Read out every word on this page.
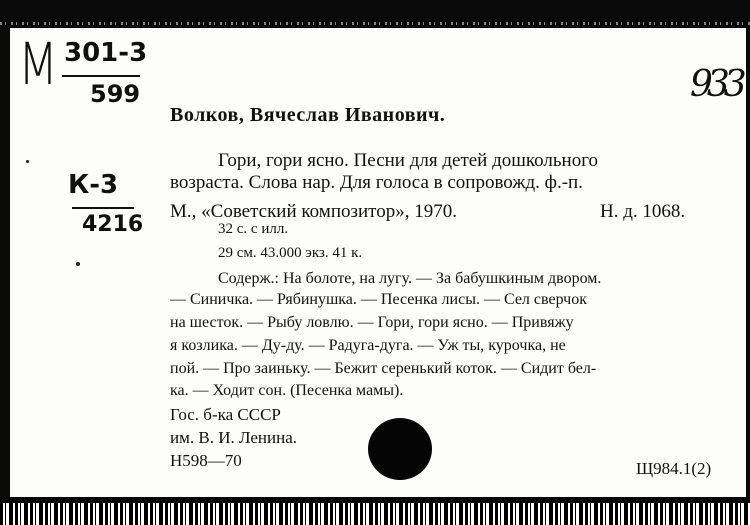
М 301-3
599
К-3
4216
933
Волков, Вячеслав Иванович.
Гори, гори ясно. Песни для детей дошкольного
возраста. Слова нар. Для голоса в сопровожд. ф.-п.
М., «Советский композитор», 1970.	Н. д. 1068.
32 с. с илл.
29 см. 43.000 экз. 41 к.
Содерж.: На болоте, на лугу. — За бабушкиным двором.
— Синичка. — Рябинушка. — Песенка лисы. — Сел сверчок
на шесток. — Рыбу ловлю. — Гори, гори ясно. — Привяжу
я козлика. — Ду-ду. — Радуга-дуга. — Уж ты, курочка, не
пой. — Про заиньку. — Бежит серенький коток. — Сидит бел-
ка. — Ходит сон. (Песенка мамы).
Гос. б-ка СССР
им. В. И. Ленина.
Н598—70	Щ984.1(2)
